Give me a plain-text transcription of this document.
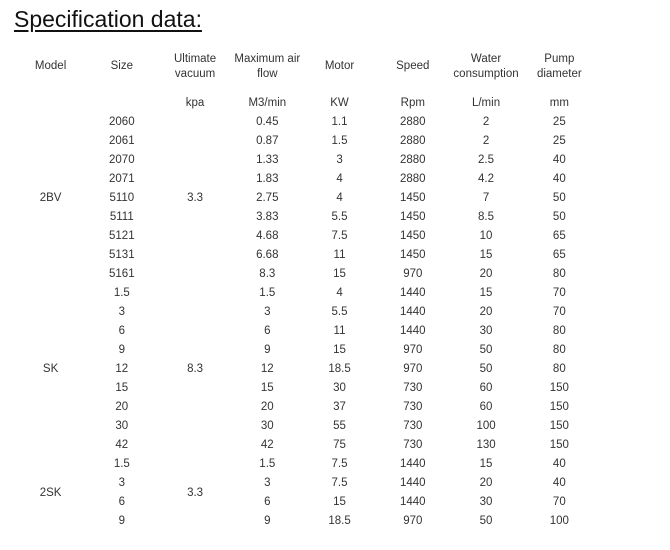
Specification data:
Model	Size	Ultimate vacuum	Maximum air flow	Motor	Speed	Water consumption	Pump diameter

		kpa	M3/min	KW	Rpm	L/min	mm
2BV	2060	3.3	0.45	1.1	2880	2	25
	2061		0.87	1.5	2880	2	25
	2070		1.33	3	2880	2.5	40
	2071		1.83	4	2880	4.2	40
	5110		2.75	4	1450	7	50
	5111		3.83	5.5	1450	8.5	50
	5121		4.68	7.5	1450	10	65
	5131		6.68	11	1450	15	65
	5161		8.3	15	970	20	80
SK	1.5	8.3	1.5	4	1440	15	70
	3		3	5.5	1440	20	70
	6		6	11	1440	30	80
	9		9	15	970	50	80
	12		12	18.5	970	50	80
	15		15	30	730	60	150
	20		20	37	730	60	150
	30		30	55	730	100	150
	42		42	75	730	130	150
2SK	1.5	3.3	1.5	7.5	1440	15	40
	3		3	7.5	1440	20	40
	6		6	15	1440	30	70
	9		9	18.5	970	50	100
